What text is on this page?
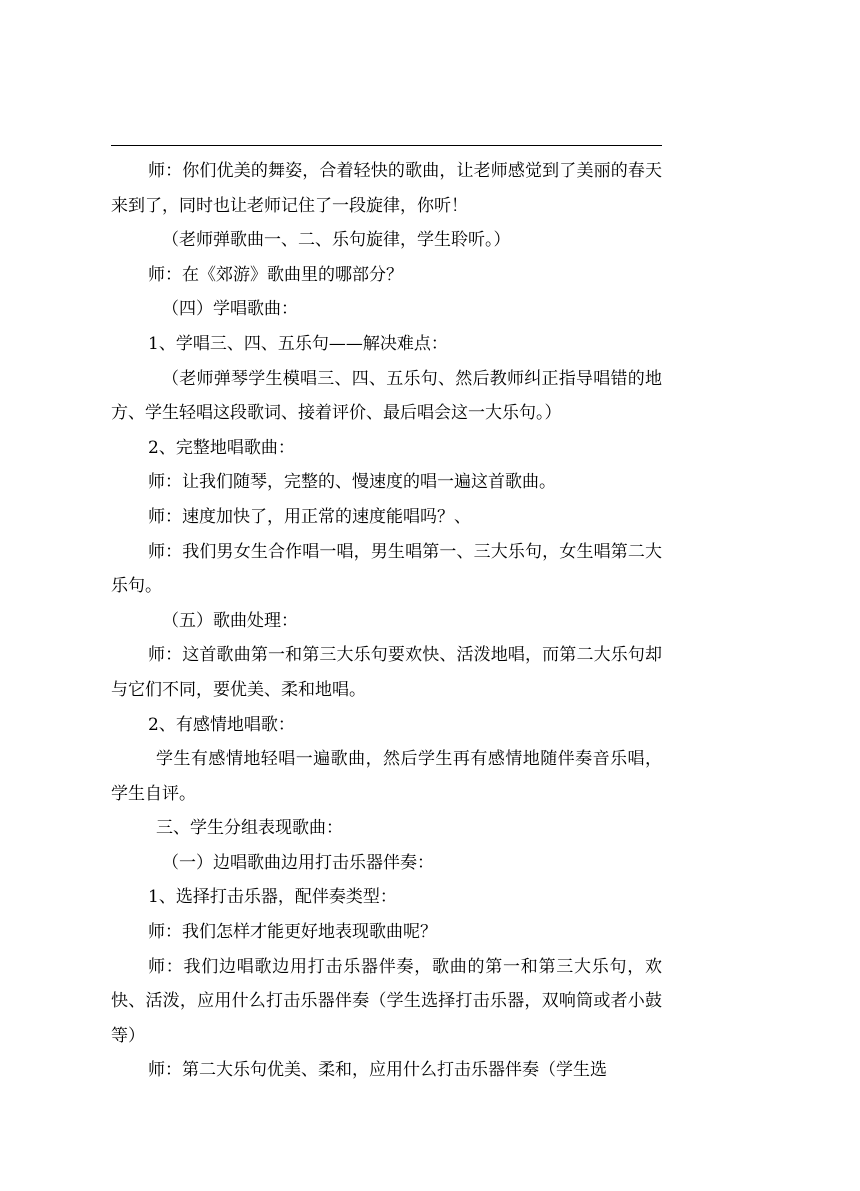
师：你们优美的舞姿，合着轻快的歌曲，让老师感觉到了美丽的春天来到了，同时也让老师记住了一段旋律，你听！

（老师弹歌曲一、二、乐句旋律，学生聆听。）

师：在《郊游》歌曲里的哪部分？

（四）学唱歌曲：

1、学唱三、四、五乐句——解决难点：

（老师弹琴学生模唱三、四、五乐句、然后教师纠正指导唱错的地方、学生轻唱这段歌词、接着评价、最后唱会这一大乐句。）

2、完整地唱歌曲：

师：让我们随琴，完整的、慢速度的唱一遍这首歌曲。

师：速度加快了，用正常的速度能唱吗？、

师：我们男女生合作唱一唱，男生唱第一、三大乐句，女生唱第二大乐句。

（五）歌曲处理：

师：这首歌曲第一和第三大乐句要欢快、活泼地唱，而第二大乐句却与它们不同，要优美、柔和地唱。

2、有感情地唱歌：

学生有感情地轻唱一遍歌曲，然后学生再有感情地随伴奏音乐唱，学生自评。

三、学生分组表现歌曲：

（一）边唱歌曲边用打击乐器伴奏：

1、选择打击乐器，配伴奏类型：

师：我们怎样才能更好地表现歌曲呢？

师：我们边唱歌边用打击乐器伴奏，歌曲的第一和第三大乐句，欢快、活泼，应用什么打击乐器伴奏（学生选择打击乐器，双响筒或者小鼓等）

师：第二大乐句优美、柔和，应用什么打击乐器伴奏（学生选
